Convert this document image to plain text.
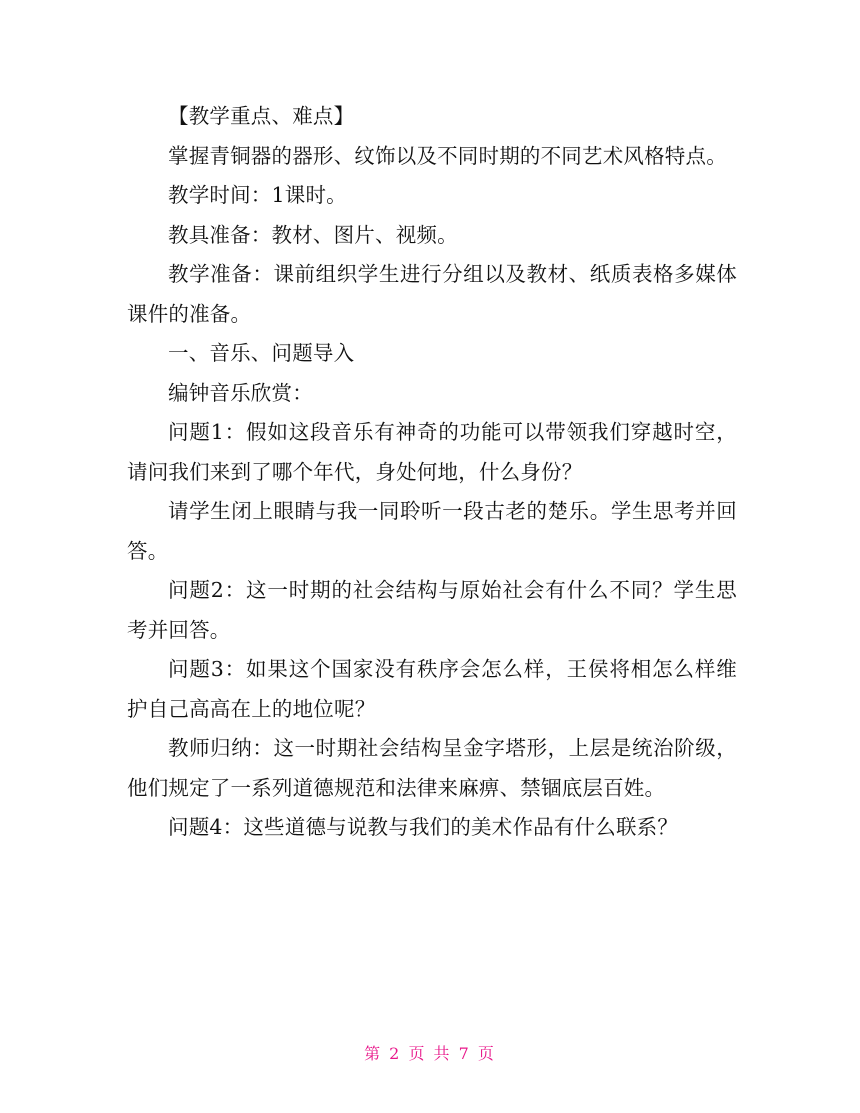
【教学重点、难点】

掌握青铜器的器形、纹饰以及不同时期的不同艺术风格特点。

教学时间：1课时。

教具准备：教材、图片、视频。

教学准备：课前组织学生进行分组以及教材、纸质表格多媒体课件的准备。

一、音乐、问题导入

编钟音乐欣赏：

问题1：假如这段音乐有神奇的功能可以带领我们穿越时空，请问我们来到了哪个年代，身处何地，什么身份？

请学生闭上眼睛与我一同聆听一段古老的楚乐。学生思考并回答。

问题2：这一时期的社会结构与原始社会有什么不同？学生思考并回答。

问题3：如果这个国家没有秩序会怎么样，王侯将相怎么样维护自己高高在上的地位呢？

教师归纳：这一时期社会结构呈金字塔形，上层是统治阶级，他们规定了一系列道德规范和法律来麻痹、禁锢底层百姓。

问题4：这些道德与说教与我们的美术作品有什么联系？

第 2 页 共 7 页
